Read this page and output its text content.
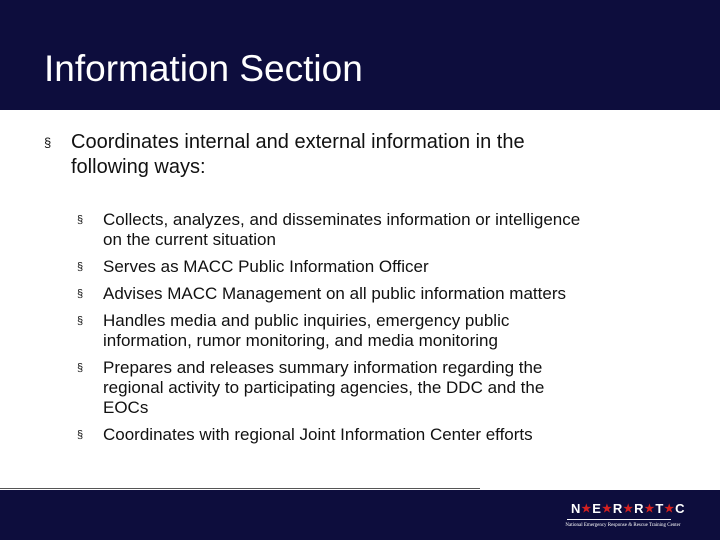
Information Section
§ Coordinates internal and external information in the
following ways:
§ Collects, analyzes, and disseminates information or intelligence
on the current situation
§ Serves as MACC Public Information Officer
§ Advises MACC Management on all public information matters
§ Handles media and public inquiries, emergency public
information, rumor monitoring, and media monitoring
§ Prepares and releases summary information regarding the
regional activity to participating agencies, the DDC and the
EOCs
§ Coordinates with regional Joint Information Center efforts
N ★ E ★ R ★ R ★ T ★ C
National Emergency Response & Rescue Training Center
